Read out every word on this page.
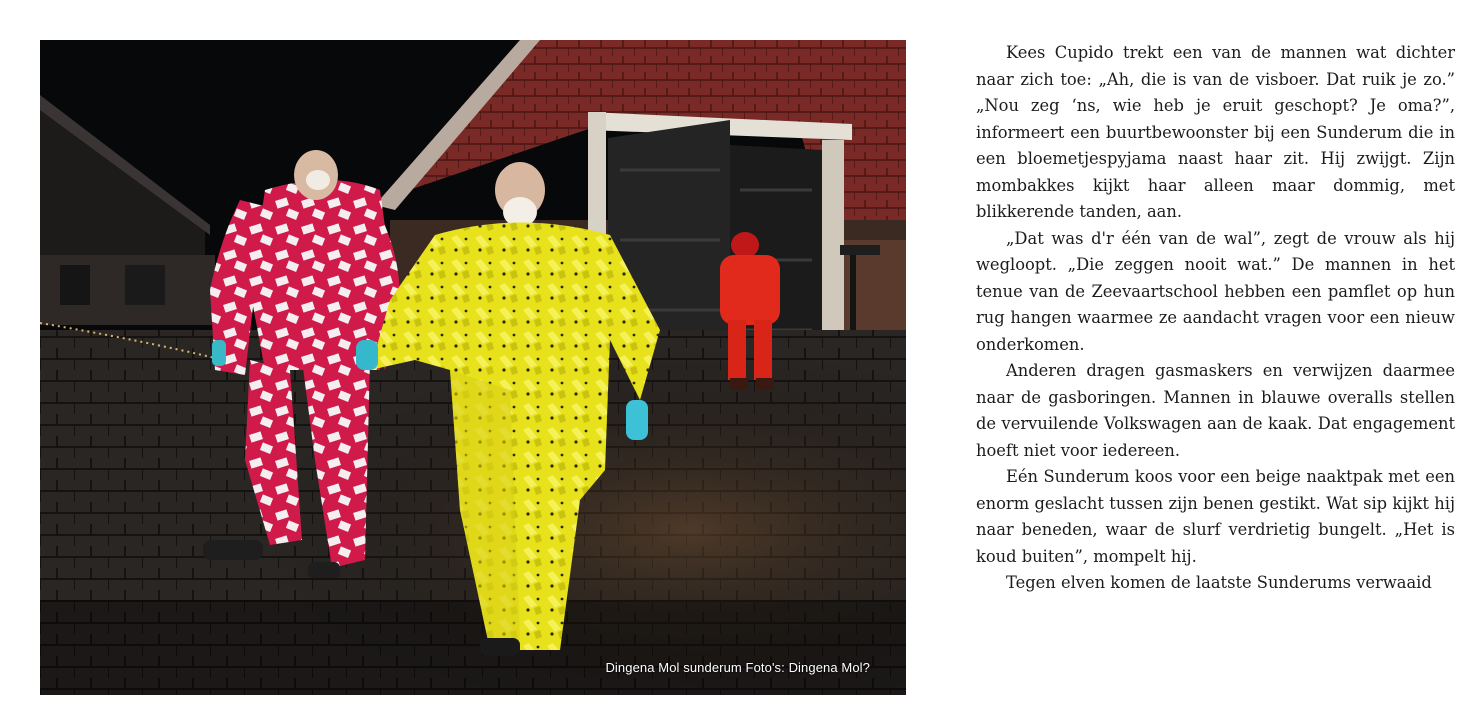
Dingena Mol sunderum Foto's: Dingena Mol?

Kees Cupido trekt een van de mannen wat dichter naar zich toe: „Ah, die is van de visboer. Dat ruik je zo.” „Nou zeg ‘ns, wie heb je eruit geschopt? Je oma?”, informeert een buurtbewoonster bij een Sunderum die in een bloemetjespyjama naast haar zit. Hij zwijgt. Zijn mombakkes kijkt haar alleen maar dommig, met blikkerende tanden, aan.

„Dat was d'r één van de wal”, zegt de vrouw als hij wegloopt. „Die zeggen nooit wat.” De mannen in het tenue van de Zeevaartschool hebben een pamflet op hun rug hangen waarmee ze aandacht vragen voor een nieuw onderkomen.

Anderen dragen gasmaskers en verwijzen daarmee naar de gasboringen. Mannen in blauwe overalls stellen de vervuilende Volkswagen aan de kaak. Dat engagement hoeft niet voor iedereen.

Eén Sunderum koos voor een beige naaktpak met een enorm geslacht tussen zijn benen gestikt. Wat sip kijkt hij naar beneden, waar de slurf verdrietig bungelt. „Het is koud buiten”, mompelt hij.

Tegen elven komen de laatste Sunderums verwaaid
